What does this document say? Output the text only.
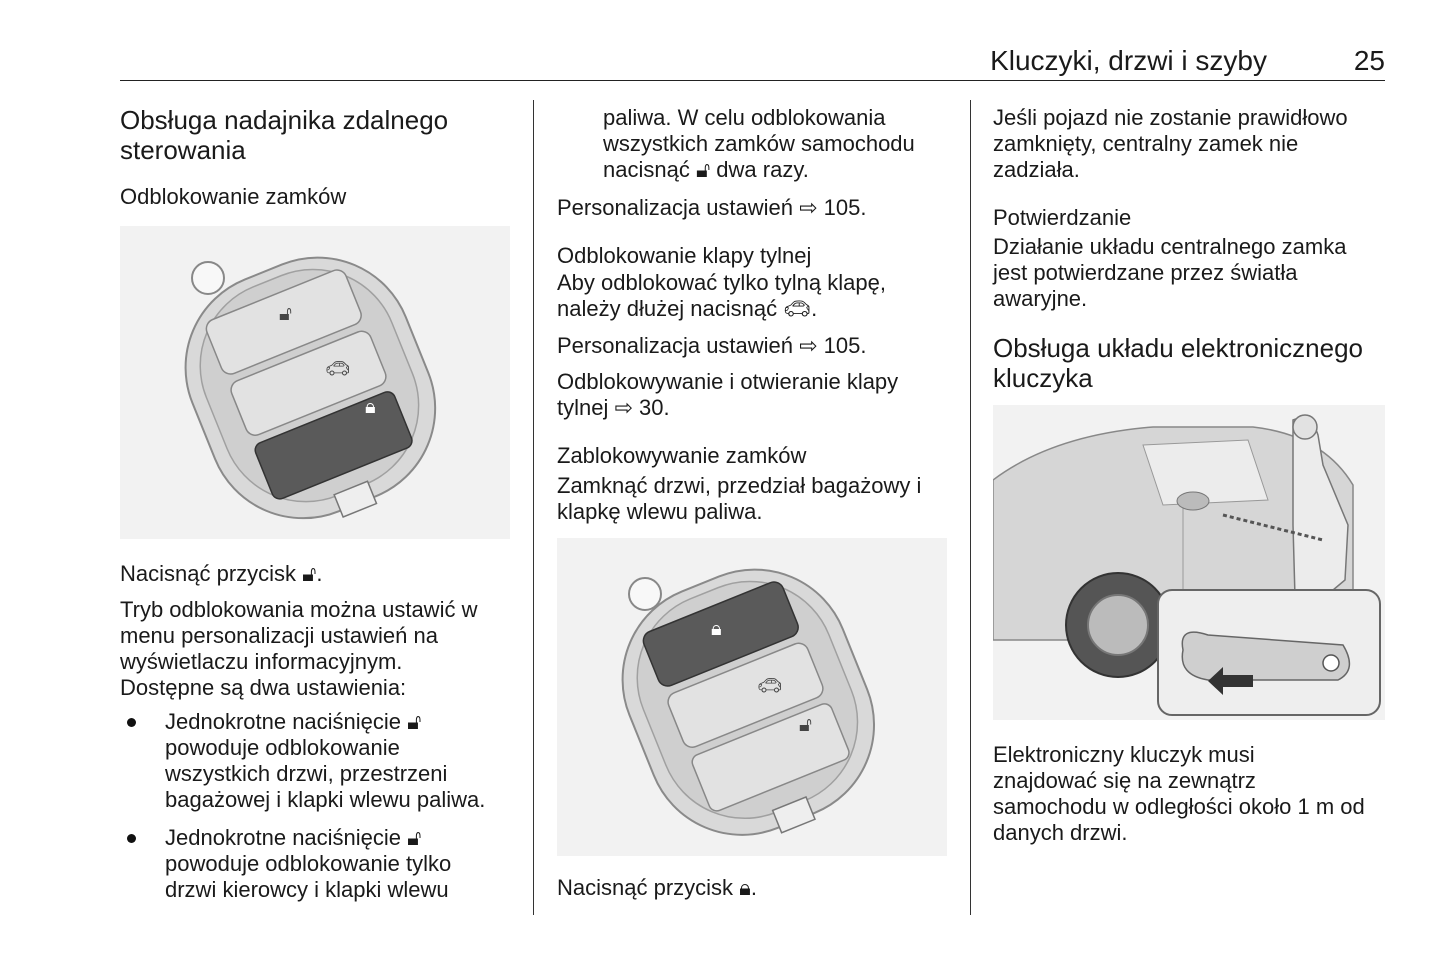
Kluczyki, drzwi i szyby	25
Obsługa nadajnika zdalnego
sterowania
Odblokowanie zamków
🔓︎
🚗︎
🔒︎
Nacisnąć przycisk 🔓︎.
Tryb odblokowania można ustawić w
menu personalizacji ustawień na
wyświetlaczu informacyjnym.
Dostępne są dwa ustawienia:
Jednokrotne naciśnięcie 🔓︎
powoduje odblokowanie
wszystkich drzwi, przestrzeni
bagażowej i klapki wlewu paliwa.
Jednokrotne naciśnięcie 🔓︎
powoduje odblokowanie tylko
drzwi kierowcy i klapki wlewu
paliwa. W celu odblokowania
wszystkich zamków samochodu
nacisnąć 🔓︎ dwa razy.
Personalizacja ustawień ⇨ 105.
Odblokowanie klapy tylnej
Aby odblokować tylko tylną klapę,
należy dłużej nacisnąć 🚗︎.
Personalizacja ustawień ⇨ 105.
Odblokowywanie i otwieranie klapy
tylnej ⇨ 30.
Zablokowywanie zamków
Zamknąć drzwi, przedział bagażowy i
klapkę wlewu paliwa.
🔒︎
🚗︎
🔓︎
Nacisnąć przycisk 🔒︎.
Jeśli pojazd nie zostanie prawidłowo
zamknięty, centralny zamek nie
zadziała.
Potwierdzanie
Działanie układu centralnego zamka
jest potwierdzane przez światła
awaryjne.
Obsługa układu elektronicznego
kluczyka
Elektroniczny kluczyk musi
znajdować się na zewnątrz
samochodu w odległości około 1 m od
danych drzwi.
